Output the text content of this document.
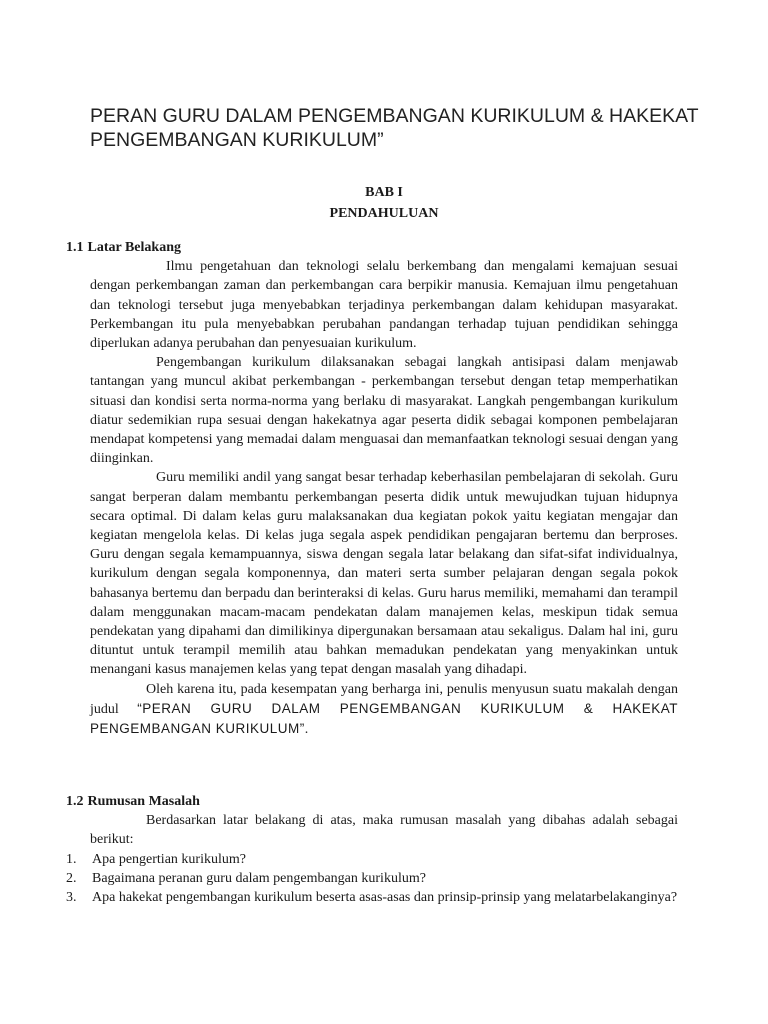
PERAN GURU DALAM PENGEMBANGAN KURIKULUM & HAKEKAT PENGEMBANGAN KURIKULUM”
BAB I
PENDAHULUAN
1.1 Latar Belakang

Ilmu pengetahuan dan teknologi selalu berkembang dan mengalami kemajuan sesuai dengan perkembangan zaman dan perkembangan cara berpikir manusia. Kemajuan ilmu pengetahuan dan teknologi tersebut juga menyebabkan terjadinya perkembangan dalam kehidupan masyarakat. Perkembangan itu pula menyebabkan perubahan pandangan terhadap tujuan pendidikan sehingga diperlukan adanya perubahan dan penyesuaian kurikulum.

Pengembangan kurikulum dilaksanakan sebagai langkah antisipasi dalam menjawab tantangan yang muncul akibat perkembangan - perkembangan tersebut dengan tetap memperhatikan situasi dan kondisi serta norma-norma yang berlaku di masyarakat. Langkah pengembangan kurikulum diatur sedemikian rupa sesuai dengan hakekatnya agar peserta didik sebagai komponen pembelajaran mendapat kompetensi yang memadai dalam menguasai dan memanfaatkan teknologi sesuai dengan yang diinginkan.

Guru memiliki andil yang sangat besar terhadap keberhasilan pembelajaran di sekolah. Guru sangat berperan dalam membantu perkembangan peserta didik untuk mewujudkan tujuan hidupnya secara optimal. Di dalam kelas guru malaksanakan dua kegiatan pokok yaitu kegiatan mengajar dan kegiatan mengelola kelas. Di kelas juga segala aspek pendidikan pengajaran bertemu dan berproses. Guru dengan segala kemampuannya, siswa dengan segala latar belakang dan sifat-sifat individualnya, kurikulum dengan segala komponennya, dan materi serta sumber pelajaran dengan segala pokok bahasanya bertemu dan berpadu dan berinteraksi di kelas. Guru harus memiliki, memahami dan terampil dalam menggunakan macam-macam pendekatan dalam manajemen kelas, meskipun tidak semua pendekatan yang dipahami dan dimilikinya dipergunakan bersamaan atau sekaligus. Dalam hal ini, guru dituntut untuk terampil memilih atau bahkan memadukan pendekatan yang menyakinkan untuk menangani kasus manajemen kelas yang tepat dengan masalah yang dihadapi.

Oleh karena itu, pada kesempatan yang berharga ini, penulis menyusun suatu makalah dengan judul “PERAN GURU DALAM PENGEMBANGAN KURIKULUM & HAKEKAT PENGEMBANGAN KURIKULUM”.

1.2 Rumusan Masalah

Berdasarkan latar belakang di atas, maka rumusan masalah yang dibahas adalah sebagai berikut:

1. Apa pengertian kurikulum?
2. Bagaimana peranan guru dalam pengembangan kurikulum?
3. Apa hakekat pengembangan kurikulum beserta asas-asas dan prinsip-prinsip yang melatarbelakanginya?
